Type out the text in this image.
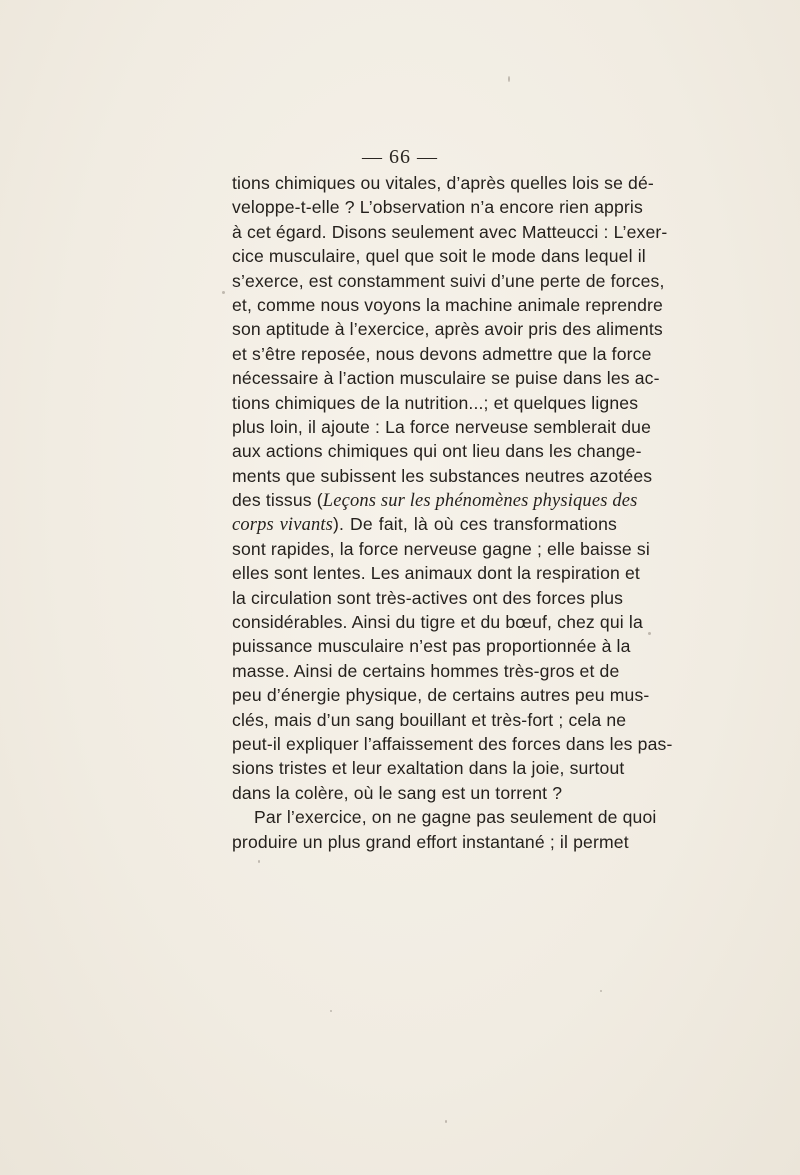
— 66 —
tions chimiques ou vitales, d’après quelles lois se dé-
veloppe-t-elle ? L’observation n’a encore rien appris
à cet égard. Disons seulement avec Matteucci : L’exer-
cice musculaire, quel que soit le mode dans lequel il
s’exerce, est constamment suivi d’une perte de forces,
et, comme nous voyons la machine animale reprendre
son aptitude à l’exercice, après avoir pris des aliments
et s’être reposée, nous devons admettre que la force
nécessaire à l’action musculaire se puise dans les ac-
tions chimiques de la nutrition...; et quelques lignes
plus loin, il ajoute : La force nerveuse semblerait due
aux actions chimiques qui ont lieu dans les change-
ments que subissent les substances neutres azotées
des tissus (Leçons sur les phénomènes physiques des
corps vivants). De fait, là où ces transformations
sont rapides, la force nerveuse gagne ; elle baisse si
elles sont lentes. Les animaux dont la respiration et
la circulation sont très-actives ont des forces plus
considérables. Ainsi du tigre et du bœuf, chez qui la
puissance musculaire n’est pas proportionnée à la
masse. Ainsi de certains hommes très-gros et de
peu d’énergie physique, de certains autres peu mus-
clés, mais d’un sang bouillant et très-fort ; cela ne
peut-il expliquer l’affaissement des forces dans les pas-
sions tristes et leur exaltation dans la joie, surtout
dans la colère, où le sang est un torrent ?
Par l’exercice, on ne gagne pas seulement de quoi
produire un plus grand effort instantané ; il permet
